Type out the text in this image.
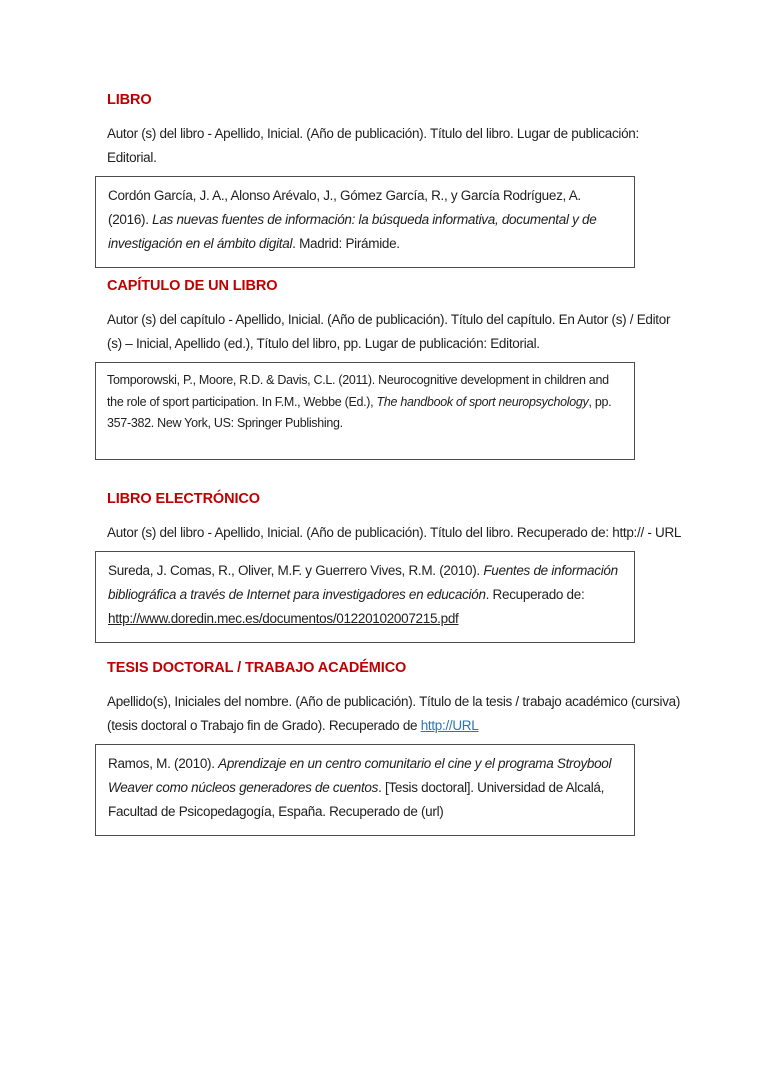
LIBRO

Autor (s) del libro - Apellido, Inicial. (Año de publicación). Título del libro. Lugar de publicación: Editorial.

Cordón García, J. A., Alonso Arévalo, J., Gómez García, R., y García Rodríguez, A. (2016). Las nuevas fuentes de información: la búsqueda informativa, documental y de investigación en el ámbito digital. Madrid: Pirámide.
CAPÍTULO DE UN LIBRO

Autor (s) del capítulo - Apellido, Inicial. (Año de publicación). Título del capítulo. En Autor (s) / Editor (s) – Inicial, Apellido (ed.), Título del libro, pp. Lugar de publicación: Editorial.

Tomporowski, P., Moore, R.D. & Davis, C.L. (2011). Neurocognitive development in children and the role of sport participation. In F.M., Webbe (Ed.), The handbook of sport neuropsychology, pp. 357-382. New York, US: Springer Publishing.
LIBRO ELECTRÓNICO

Autor (s) del libro - Apellido, Inicial. (Año de publicación). Título del libro. Recuperado de: http:// - URL

Sureda, J. Comas, R., Oliver, M.F. y Guerrero Vives, R.M. (2010). Fuentes de información bibliográfica a través de Internet para investigadores en educación. Recuperado de: http://www.doredin.mec.es/documentos/01220102007215.pdf
TESIS DOCTORAL / TRABAJO ACADÉMICO

Apellido(s), Iniciales del nombre. (Año de publicación). Título de la tesis / trabajo académico (cursiva) (tesis doctoral o Trabajo fin de Grado). Recuperado de http://URL

Ramos, M. (2010). Aprendizaje en un centro comunitario el cine y el programa Stroybool Weaver como núcleos generadores de cuentos. [Tesis doctoral]. Universidad de Alcalá, Facultad de Psicopedagogía, España. Recuperado de (url)
